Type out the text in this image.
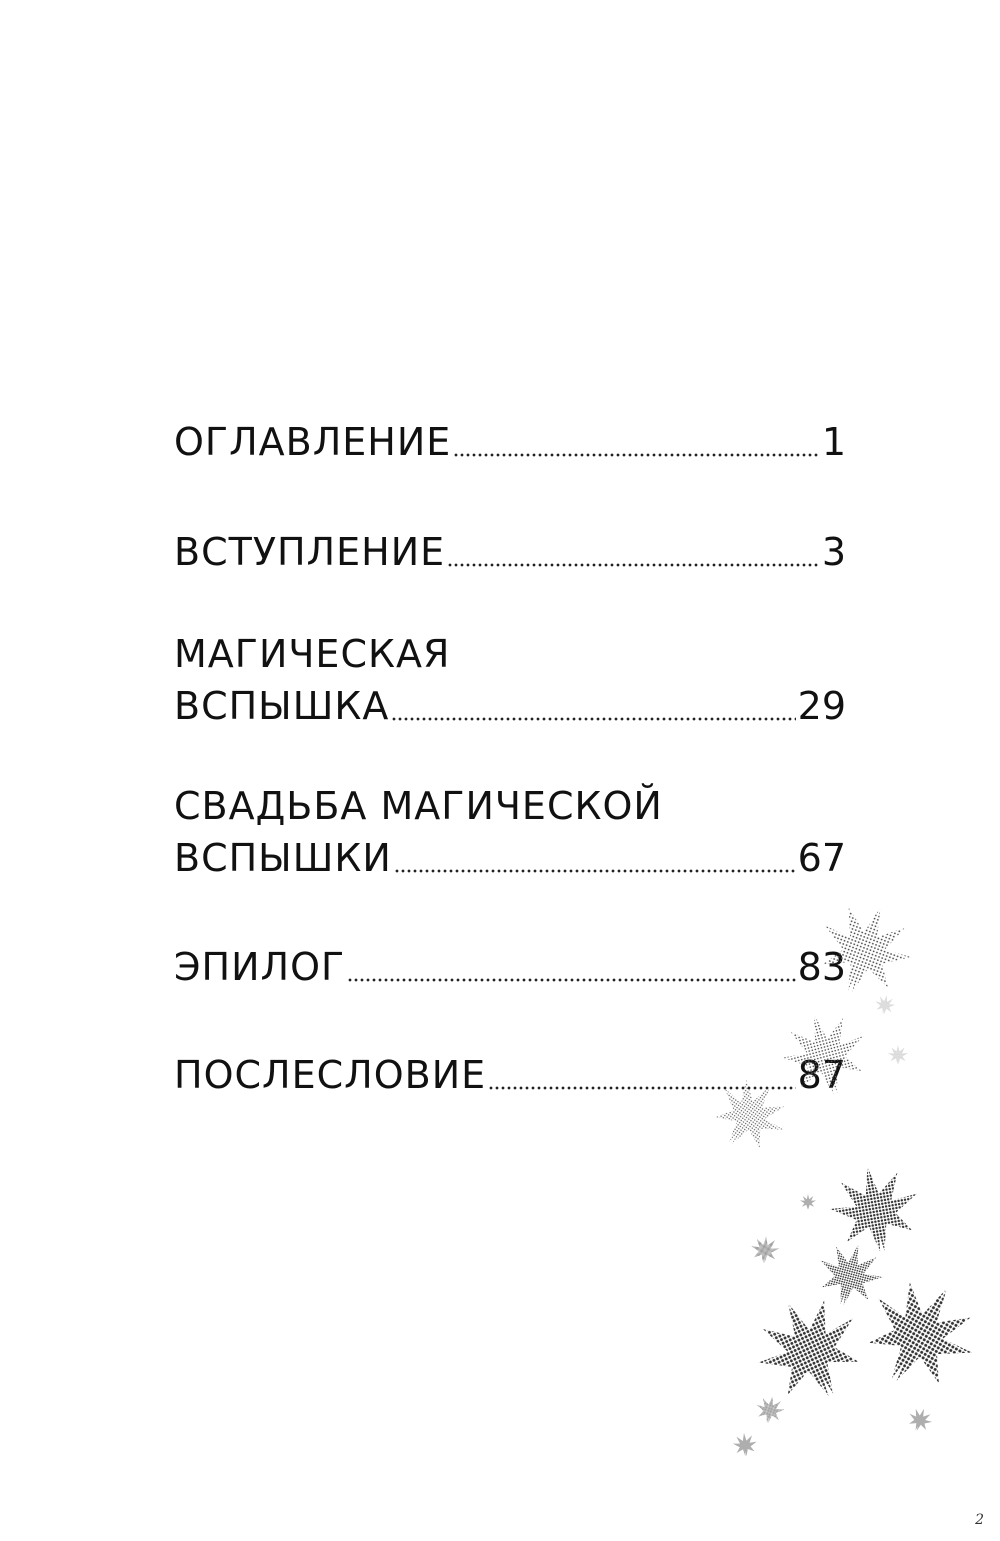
ОГЛАВЛЕНИЕ	1
ВСТУПЛЕНИЕ	3
МАГИЧЕСКАЯ
ВСПЫШКА	29
СВАДЬБА МАГИЧЕСКОЙ
ВСПЫШКИ	67
ЭПИЛОГ	83
ПОСЛЕСЛОВИЕ	87
2
